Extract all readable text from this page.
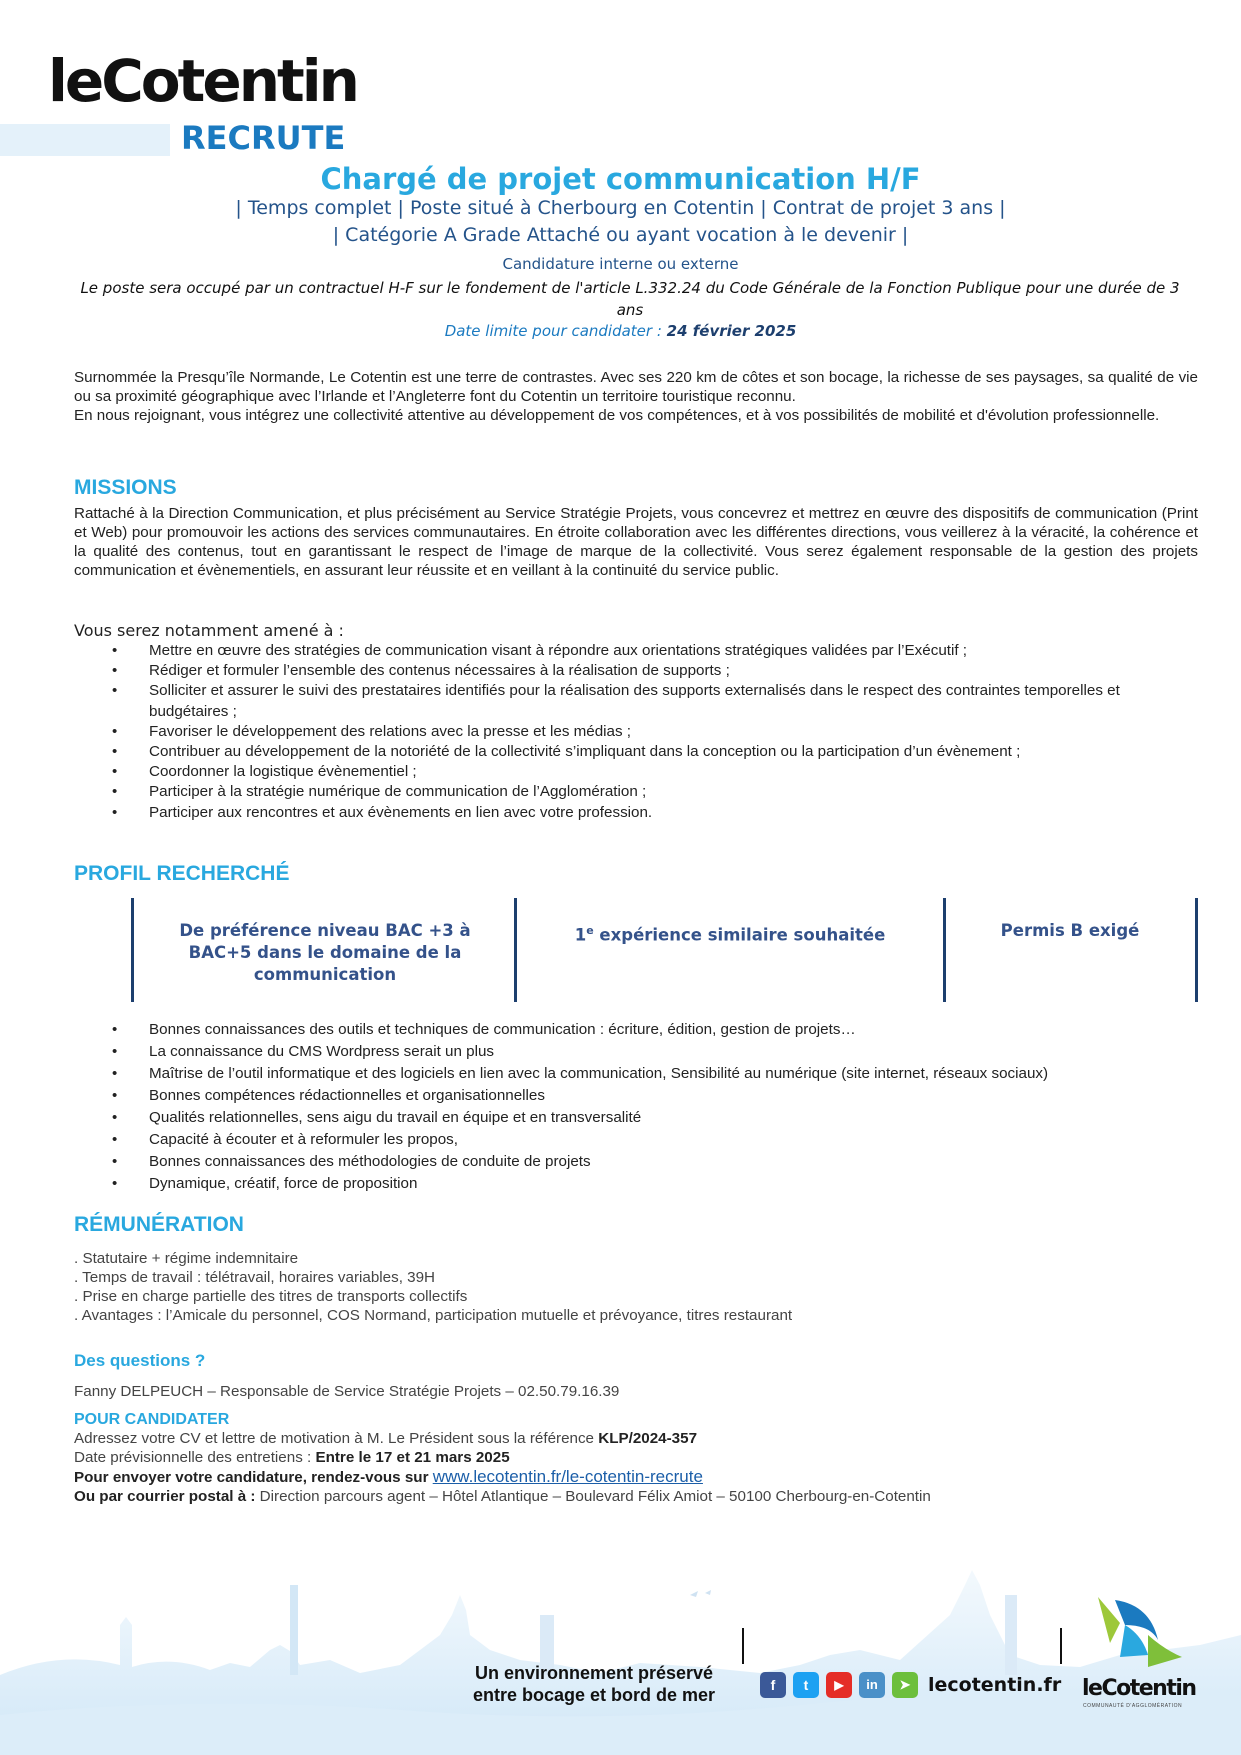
leCotentin
RECRUTE
Chargé de projet communication H/F
| Temps complet | Poste situé à Cherbourg en Cotentin | Contrat de projet 3 ans |
| Catégorie A Grade Attaché ou ayant vocation à le devenir |
Candidature interne ou externe
Le poste sera occupé par un contractuel H-F sur le fondement de l'article L.332.24 du Code Générale de la Fonction Publique pour une durée de 3 ans
Date limite pour candidater : 24 février 2025
Surnommée la Presqu’île Normande, Le Cotentin est une terre de contrastes. Avec ses 220 km de côtes et son bocage, la richesse de ses paysages, sa qualité de vie ou sa proximité géographique avec l’Irlande et l’Angleterre font du Cotentin un territoire touristique reconnu.
En nous rejoignant, vous intégrez une collectivité attentive au développement de vos compétences, et à vos possibilités de mobilité et d'évolution professionnelle.
MISSIONS
Rattaché à la Direction Communication, et plus précisément au Service Stratégie Projets, vous concevrez et mettrez en œuvre des dispositifs de communication (Print et Web) pour promouvoir les actions des services communautaires. En étroite collaboration avec les différentes directions, vous veillerez à la véracité, la cohérence et la qualité des contenus, tout en garantissant le respect de l’image de marque de la collectivité. Vous serez également responsable de la gestion des projets communication et évènementiels, en assurant leur réussite et en veillant à la continuité du service public.
Vous serez notamment amené à :
• Mettre en œuvre des stratégies de communication visant à répondre aux orientations stratégiques validées par l’Exécutif ;
• Rédiger et formuler l’ensemble des contenus nécessaires à la réalisation de supports ;
• Solliciter et assurer le suivi des prestataires identifiés pour la réalisation des supports externalisés dans le respect des contraintes temporelles et budgétaires ;
• Favoriser le développement des relations avec la presse et les médias ;
• Contribuer au développement de la notoriété de la collectivité s’impliquant dans la conception ou la participation d’un évènement ;
• Coordonner la logistique évènementiel ;
• Participer à la stratégie numérique de communication de l’Agglomération ;
• Participer aux rencontres et aux évènements en lien avec votre profession.
PROFIL RECHERCHÉ
De préférence niveau BAC +3 à BAC+5 dans le domaine de la communication
1e expérience similaire souhaitée	Permis B exigé
• Bonnes connaissances des outils et techniques de communication : écriture, édition, gestion de projets…
• La connaissance du CMS Wordpress serait un plus
• Maîtrise de l’outil informatique et des logiciels en lien avec la communication, Sensibilité au numérique (site internet, réseaux sociaux)
• Bonnes compétences rédactionnelles et organisationnelles
• Qualités relationnelles, sens aigu du travail en équipe et en transversalité
• Capacité à écouter et à reformuler les propos,
• Bonnes connaissances des méthodologies de conduite de projets
• Dynamique, créatif, force de proposition
RÉMUNÉRATION
. Statutaire + régime indemnitaire
. Temps de travail : télétravail, horaires variables, 39H
. Prise en charge partielle des titres de transports collectifs
. Avantages : l’Amicale du personnel, COS Normand, participation mutuelle et prévoyance, titres restaurant
Des questions ?
Fanny DELPEUCH – Responsable de Service Stratégie Projets – 02.50.79.16.39
POUR CANDIDATER
Adressez votre CV et lettre de motivation à M. Le Président sous la référence KLP/2024-357
Date prévisionnelle des entretiens : Entre le 17 et 21 mars 2025
Pour envoyer votre candidature, rendez-vous sur www.lecotentin.fr/le-cotentin-recrute
Ou par courrier postal à : Direction parcours agent – Hôtel Atlantique – Boulevard Félix Amiot – 50100 Cherbourg-en-Cotentin
Un environnement préservé
entre bocage et bord de mer	f	t	▶	in	➤ lecotentin.fr leCotentin
COMMUNAUTÉ D'AGGLOMÉRATION
